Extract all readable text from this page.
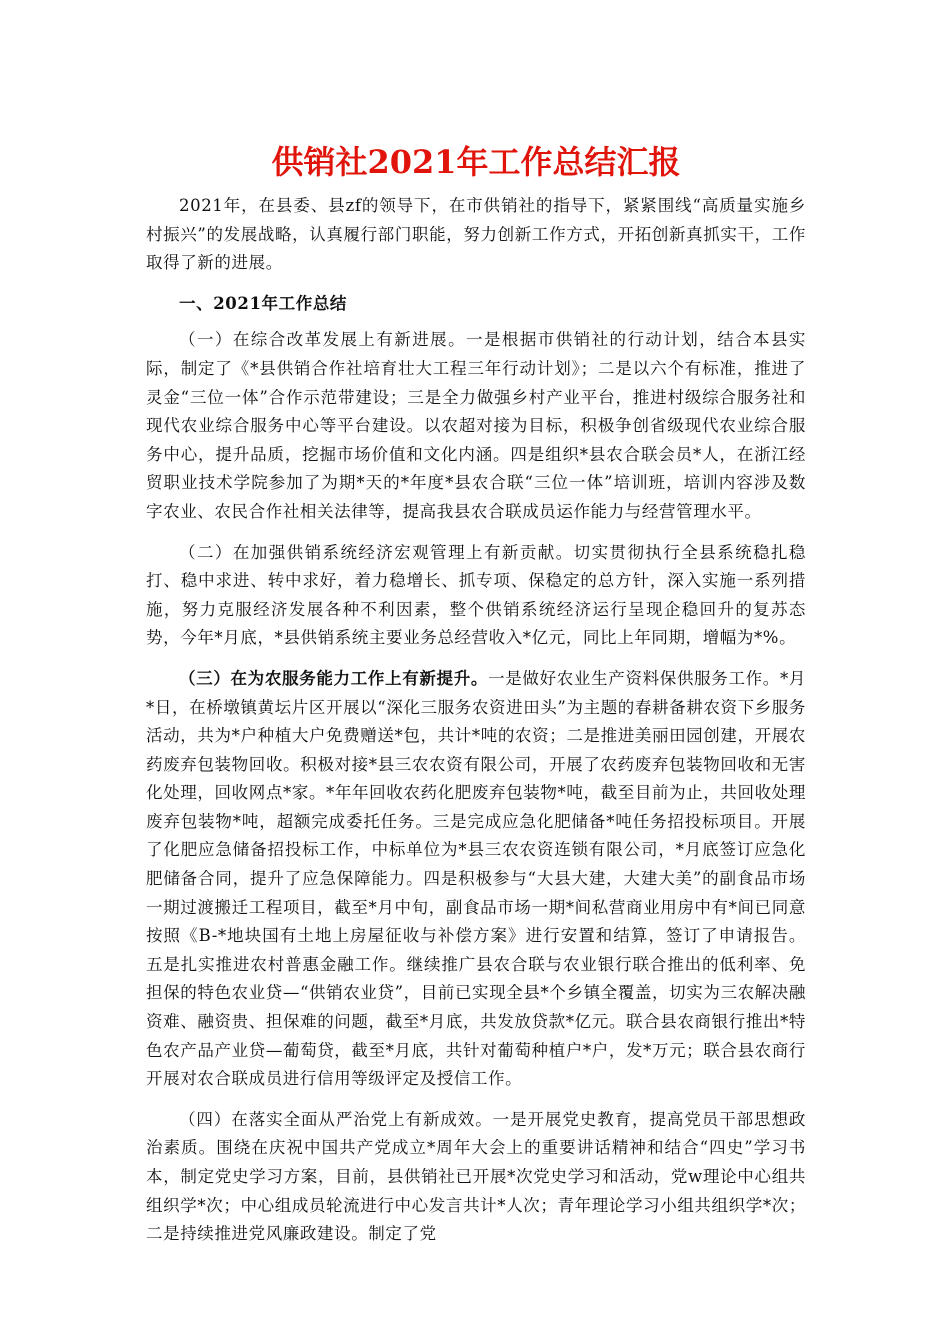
供销社2021年工作总结汇报

2021年，在县委、县zf的领导下，在市供销社的指导下，紧紧围线“高质量实施乡村振兴”的发展战略，认真履行部门职能，努力创新工作方式，开拓创新真抓实干，工作取得了新的进展。

一、2021年工作总结

（一）在综合改革发展上有新进展。一是根据市供销社的行动计划，结合本县实际，制定了《*县供销合作社培育壮大工程三年行动计划》；二是以六个有标准，推进了灵金“三位一体”合作示范带建设；三是全力做强乡村产业平台，推进村级综合服务社和现代农业综合服务中心等平台建设。以农超对接为目标，积极争创省级现代农业综合服务中心，提升品质，挖掘市场价值和文化内涵。四是组织*县农合联会员*人，在浙江经贸职业技术学院参加了为期*天的*年度*县农合联“三位一体”培训班，培训内容涉及数字农业、农民合作社相关法律等，提高我县农合联成员运作能力与经营管理水平。

（二）在加强供销系统经济宏观管理上有新贡献。切实贯彻执行全县系统稳扎稳打、稳中求进、转中求好，着力稳增长、抓专项、保稳定的总方针，深入实施一系列措施，努力克服经济发展各种不利因素，整个供销系统经济运行呈现企稳回升的复苏态势，今年*月底，*县供销系统主要业务总经营收入*亿元，同比上年同期，增幅为*%。

（三）在为农服务能力工作上有新提升。一是做好农业生产资料保供服务工作。*月*日，在桥墩镇黄坛片区开展以“深化三服务农资进田头”为主题的春耕备耕农资下乡服务活动，共为*户种植大户免费赠送*包，共计*吨的农资；二是推进美丽田园创建，开展农药废弃包装物回收。积极对接*县三农农资有限公司，开展了农药废弃包装物回收和无害化处理，回收网点*家。*年年回收农药化肥废弃包装物*吨，截至目前为止，共回收处理废弃包装物*吨，超额完成委托任务。三是完成应急化肥储备*吨任务招投标项目。开展了化肥应急储备招投标工作，中标单位为*县三农农资连锁有限公司，*月底签订应急化肥储备合同，提升了应急保障能力。四是积极参与“大县大建，大建大美”的副食品市场一期过渡搬迁工程项目，截至*月中旬，副食品市场一期*间私营商业用房中有*间已同意按照《B-*地块国有土地上房屋征收与补偿方案》进行安置和结算，签订了申请报告。五是扎实推进农村普惠金融工作。继续推广县农合联与农业银行联合推出的低利率、免担保的特色农业贷—“供销农业贷”，目前已实现全县*个乡镇全覆盖，切实为三农解决融资难、融资贵、担保难的问题，截至*月底，共发放贷款*亿元。联合县农商银行推出*特色农产品产业贷—葡萄贷，截至*月底，共针对葡萄种植户*户，发*万元；联合县农商行开展对农合联成员进行信用等级评定及授信工作。

（四）在落实全面从严治党上有新成效。一是开展党史教育，提高党员干部思想政治素质。围绕在庆祝中国共产党成立*周年大会上的重要讲话精神和结合“四史”学习书本，制定党史学习方案，目前，县供销社已开展*次党史学习和活动，党w理论中心组共组织学*次；中心组成员轮流进行中心发言共计*人次；青年理论学习小组共组织学*次；二是持续推进党风廉政建设。制定了党
